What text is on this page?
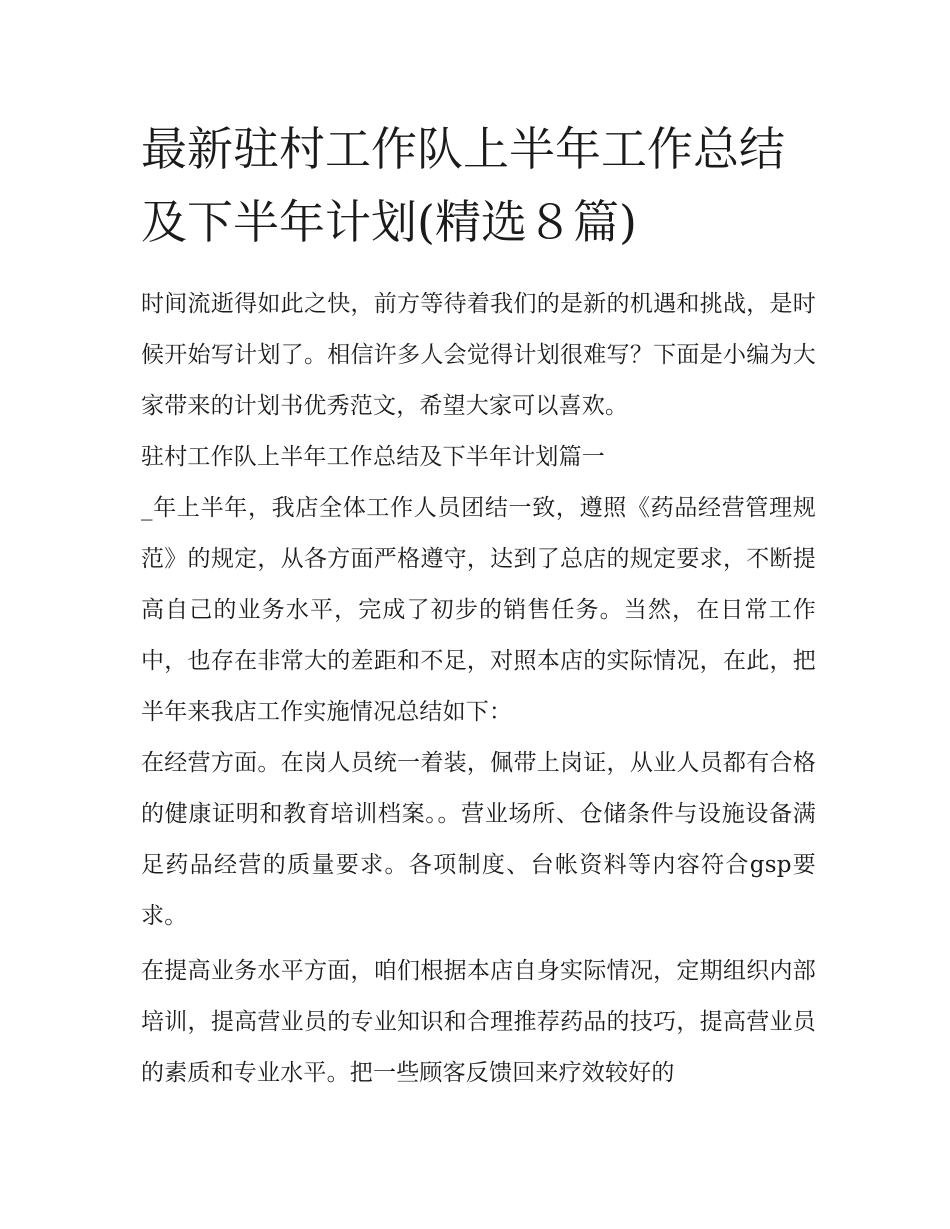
最新驻村工作队上半年工作总结及下半年计划(精选８篇)

时间流逝得如此之快，前方等待着我们的是新的机遇和挑战，是时候开始写计划了。相信许多人会觉得计划很难写？下面是小编为大家带来的计划书优秀范文，希望大家可以喜欢。

驻村工作队上半年工作总结及下半年计划篇一

_年上半年，我店全体工作人员团结一致，遵照《药品经营管理规范》的规定，从各方面严格遵守，达到了总店的规定要求，不断提高自己的业务水平，完成了初步的销售任务。当然，在日常工作中，也存在非常大的差距和不足，对照本店的实际情况，在此，把半年来我店工作实施情况总结如下：

在经营方面。在岗人员统一着装，佩带上岗证，从业人员都有合格的健康证明和教育培训档案。。营业场所、仓储条件与设施设备满足药品经营的质量要求。各项制度、台帐资料等内容符合gsp要求。

在提高业务水平方面，咱们根据本店自身实际情况，定期组织内部培训，提高营业员的专业知识和合理推荐药品的技巧，提高营业员的素质和专业水平。把一些顾客反馈回来疗效较好的
